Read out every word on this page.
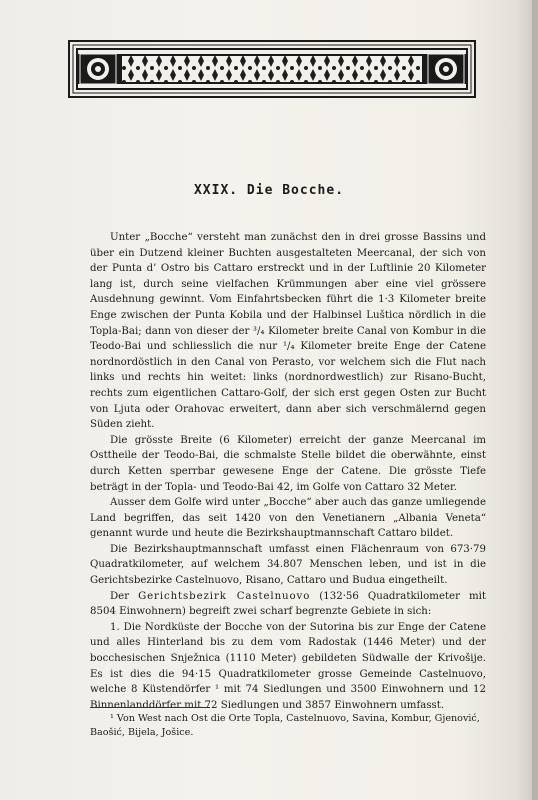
XXIX. Die Bocche.

Unter „Bocche“ versteht man zunächst den in drei grosse Bassins und über ein Dutzend kleiner Buchten ausgestalteten Meercanal, der sich von der Punta d’ Ostro bis Cattaro erstreckt und in der Luftlinie 20 Kilometer lang ist, durch seine vielfachen Krümmungen aber eine viel grössere Ausdehnung gewinnt. Vom Einfahrtsbecken führt die 1·3 Kilometer breite Enge zwischen der Punta Kobila und der Halbinsel Luštica nördlich in die Topla-Bai; dann von dieser der ³/₄ Kilometer breite Canal von Kombur in die Teodo-Bai und schliesslich die nur ¹/₄ Kilometer breite Enge der Catene nordnordöstlich in den Canal von Perasto, vor welchem sich die Flut nach links und rechts hin weitet: links (nordnordwestlich) zur Risano-Bucht, rechts zum eigentlichen Cattaro-Golf, der sich erst gegen Osten zur Bucht von Ljuta oder Orahovac erweitert, dann aber sich verschmälernd gegen Süden zieht.

Die grösste Breite (6 Kilometer) erreicht der ganze Meercanal im Osttheile der Teodo-Bai, die schmalste Stelle bildet die oberwähnte, einst durch Ketten sperrbar gewesene Enge der Catene. Die grösste Tiefe beträgt in der Topla- und Teodo-Bai 42, im Golfe von Cattaro 32 Meter.

Ausser dem Golfe wird unter „Bocche“ aber auch das ganze umliegende Land begriffen, das seit 1420 von den Venetianern „Albania Veneta“ genannt wurde und heute die Bezirkshauptmannschaft Cattaro bildet.

Die Bezirkshauptmannschaft umfasst einen Flächenraum von 673·79 Quadratkilometer, auf welchem 34.807 Menschen leben, und ist in die Gerichtsbezirke Castelnuovo, Risano, Cattaro und Budua eingetheilt.

Der Gerichtsbezirk Castelnuovo (132·56 Quadratkilometer mit 8504 Einwohnern) begreift zwei scharf begrenzte Gebiete in sich:

1. Die Nordküste der Bocche von der Sutorina bis zur Enge der Catene und alles Hinterland bis zu dem vom Radostak (1446 Meter) und der bocchesischen Snježnica (1110 Meter) gebildeten Südwalle der Krivošije. Es ist dies die 94·15 Quadratkilometer grosse Gemeinde Castelnuovo, welche 8 Küstendörfer ¹ mit 74 Siedlungen und 3500 Einwohnern und 12 Binnenlanddörfer mit 72 Siedlungen und 3857 Einwohnern umfasst.

¹ Von West nach Ost die Orte Topla, Castelnuovo, Savina, Kombur, Gjenović, Baošić, Bijela, Jošice.
